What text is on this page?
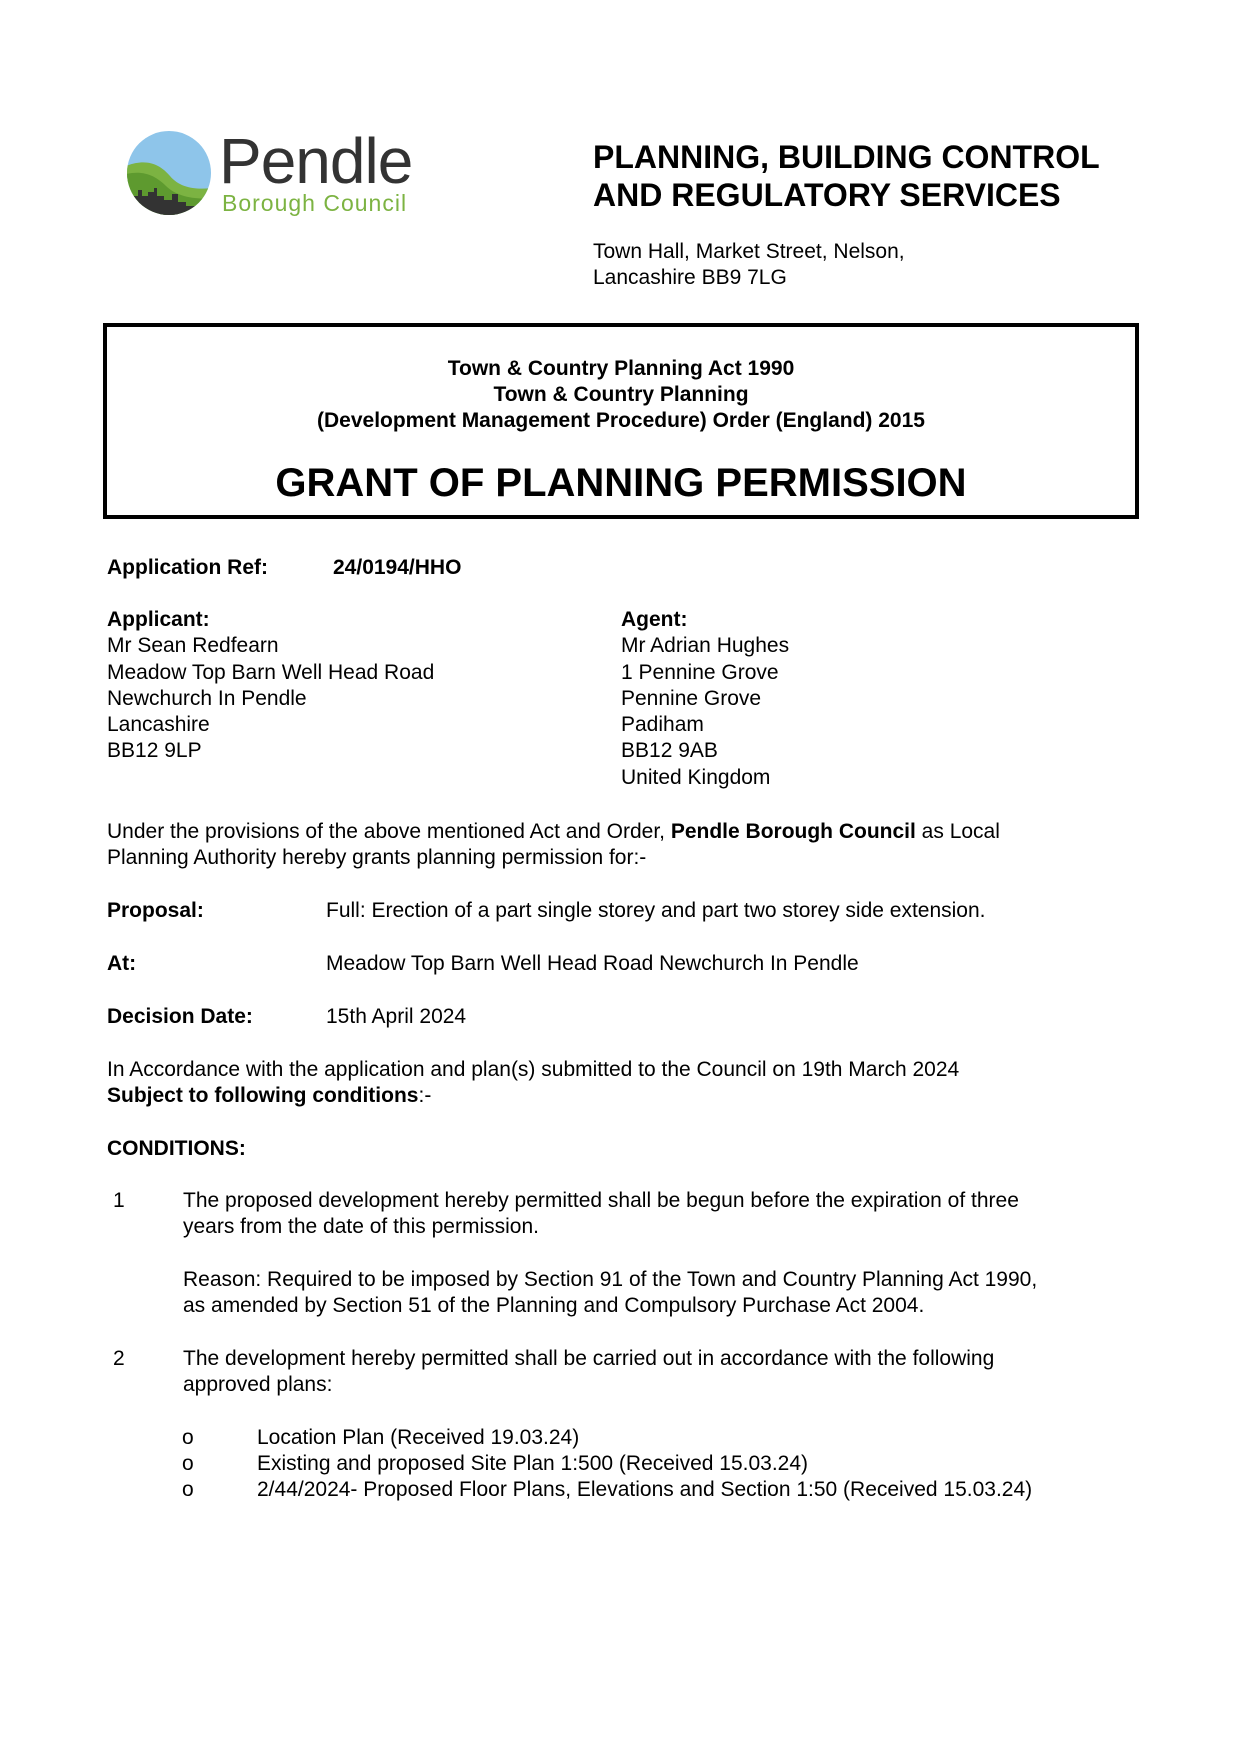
Pendle
Borough Council
PLANNING, BUILDING CONTROL
AND REGULATORY SERVICES
Town Hall, Market Street, Nelson,
Lancashire BB9 7LG
Town & Country Planning Act 1990
Town & Country Planning
(Development Management Procedure) Order (England) 2015
GRANT OF PLANNING PERMISSION
Application Ref:	24/0194/HHO
Applicant:
Mr Sean Redfearn
Meadow Top Barn Well Head Road
Newchurch In Pendle
Lancashire
BB12 9LP
Agent:
Mr Adrian Hughes
1 Pennine Grove
Pennine Grove
Padiham
BB12 9AB
United Kingdom
Under the provisions of the above mentioned Act and Order, Pendle Borough Council as Local
Planning Authority hereby grants planning permission for:-
Proposal:	Full: Erection of a part single storey and part two storey side extension.
At:	Meadow Top Barn Well Head Road Newchurch In Pendle
Decision Date:	15th April 2024
In Accordance with the application and plan(s) submitted to the Council on 19th March 2024
Subject to following conditions:-
CONDITIONS:
1	The proposed development hereby permitted shall be begun before the expiration of three
years from the date of this permission.
Reason: Required to be imposed by Section 91 of the Town and Country Planning Act 1990,
as amended by Section 51 of the Planning and Compulsory Purchase Act 2004.
2	The development hereby permitted shall be carried out in accordance with the following
approved plans:
o	Location Plan (Received 19.03.24)
o	Existing and proposed Site Plan 1:500 (Received 15.03.24)
o	2/44/2024- Proposed Floor Plans, Elevations and Section 1:50 (Received 15.03.24)
